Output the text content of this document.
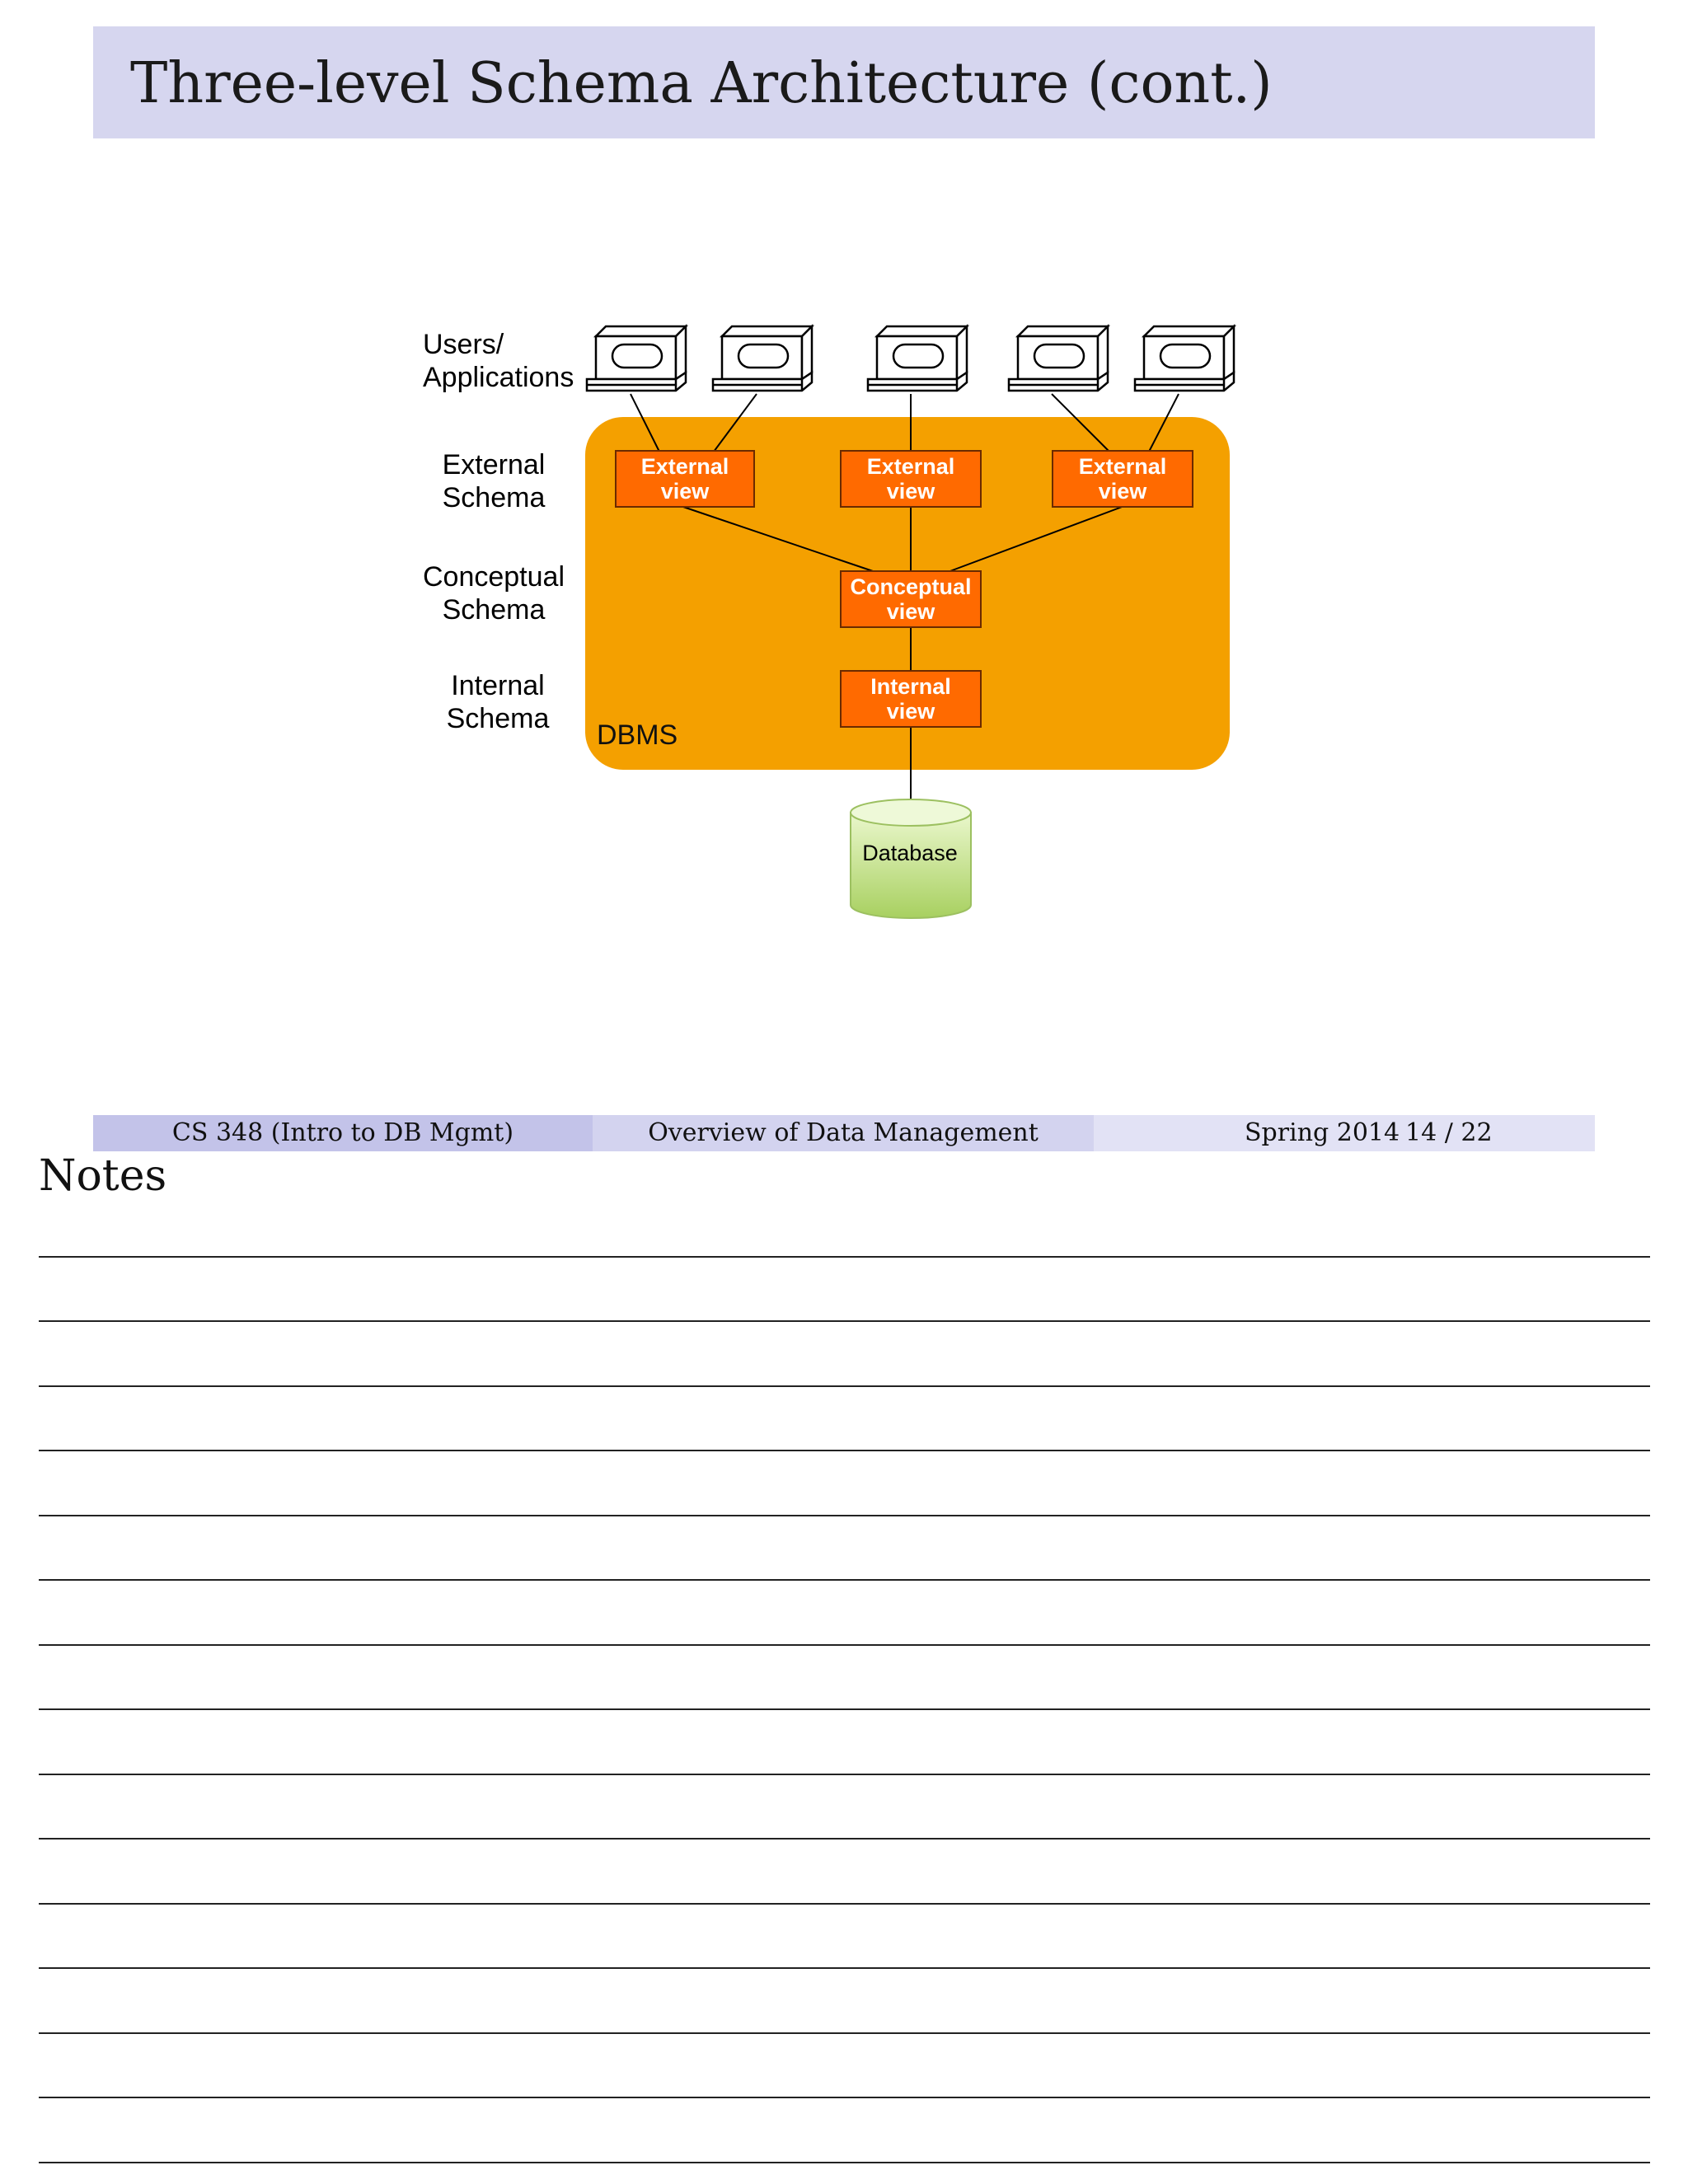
Three-level Schema Architecture (cont.)
Users/
Applications
External
Schema
Conceptual
Schema
Internal
Schema
DBMS
External
view
External
view
External
view
Conceptual
view
Internal
view
Database
CS 348 (Intro to DB Mgmt)	Overview of Data Management	Spring 2014 14 / 22
Notes
